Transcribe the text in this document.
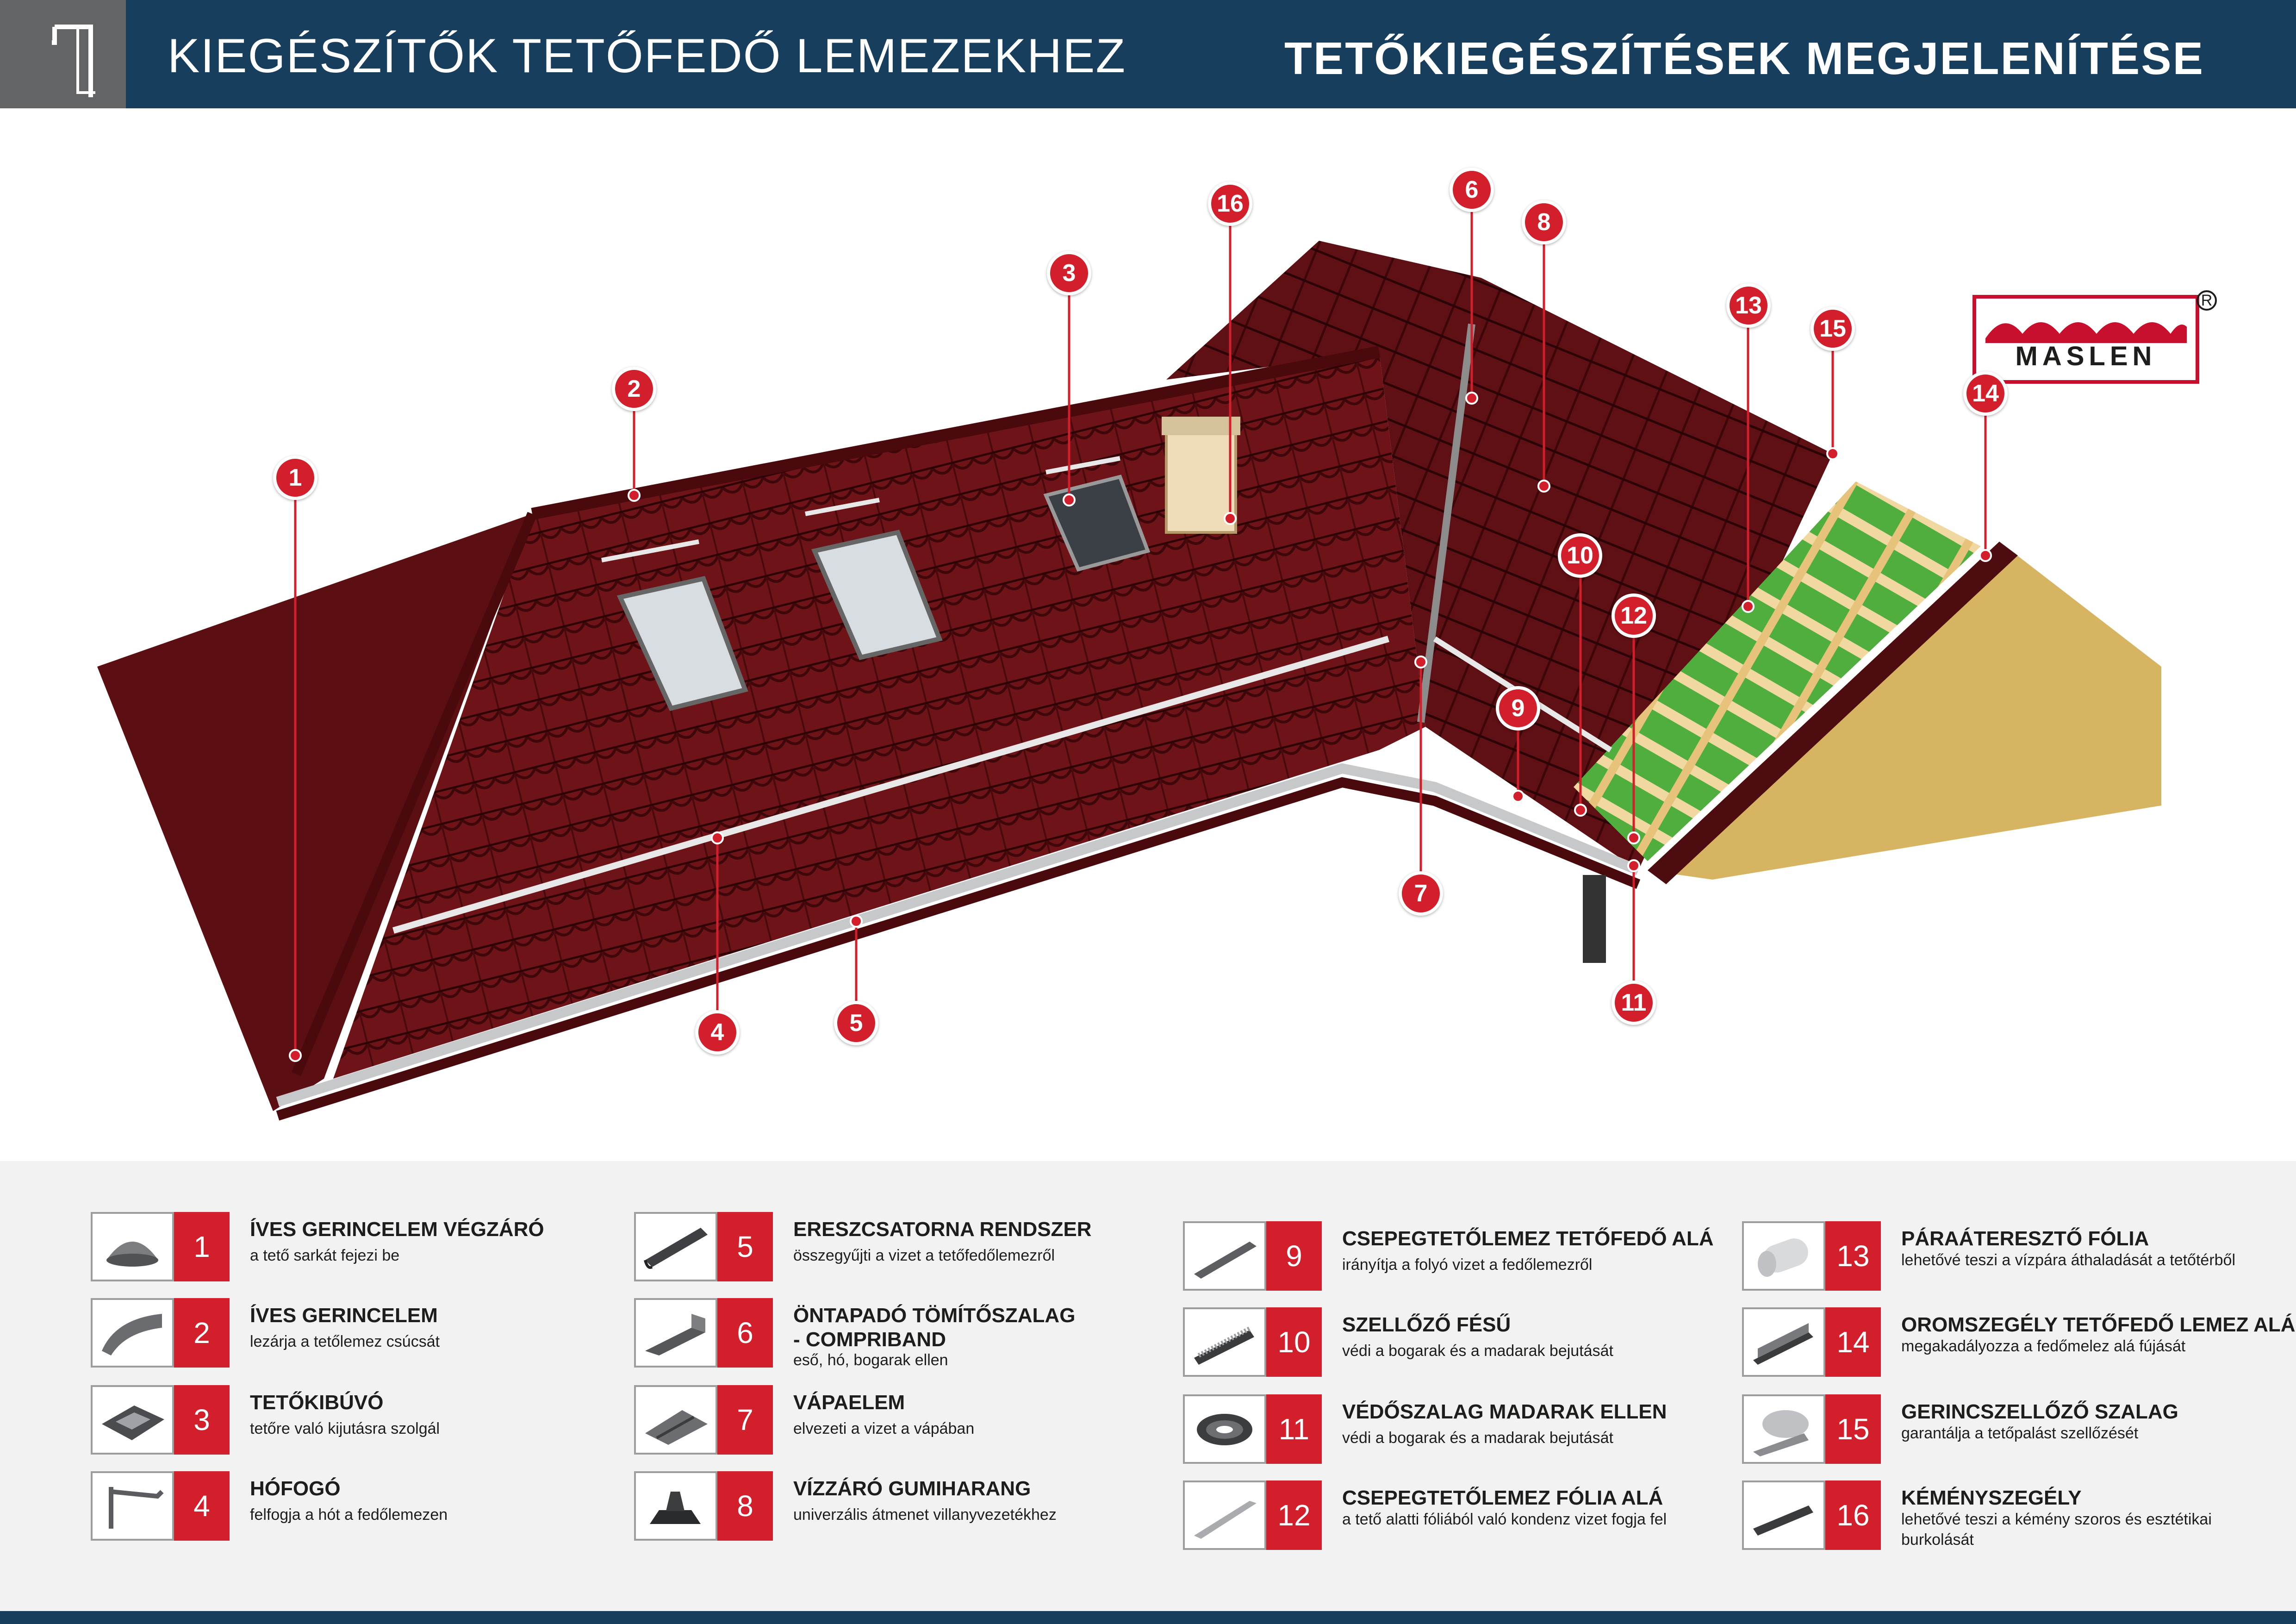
KIEGÉSZÍTŐK TETŐFEDŐ LEMEZEKHEZ	TETŐKIEGÉSZÍTÉSEK MEGJELENÍTÉSE
MASLEN
R
1
2
3
4	5
6
7
8
9
10
11
12
13
14
15
16
1
ÍVES GERINCELEM VÉGZÁRÓ
a tető sarkát fejezi be
2
ÍVES GERINCELEM
lezárja a tetőlemez csúcsát
3
TETŐKIBÚVÓ
tetőre való kijutásra szolgál
4
HÓFOGÓ
felfogja a hót a fedőlemezen
5
ERESZCSATORNA RENDSZER
összegyűjti a vizet a tetőfedőlemezről
6
ÖNTAPADÓ TÖMÍTŐSZALAG
- COMPRIBAND
eső, hó, bogarak ellen
7
VÁPAELEM
elvezeti a vizet a vápában
8
VÍZZÁRÓ GUMIHARANG
univerzális átmenet villanyvezetékhez
9
CSEPEGTETŐLEMEZ TETŐFEDŐ ALÁ
irányítja a folyó vizet a fedőlemezről
10
SZELLŐZŐ FÉSŰ
védi a bogarak és a madarak bejutását
11
VÉDŐSZALAG MADARAK ELLEN
védi a bogarak és a madarak bejutását
12
CSEPEGTETŐLEMEZ FÓLIA ALÁ
a tető alatti fóliából való kondenz vizet fogja fel
13
PÁRAÁTERESZTŐ FÓLIA
lehetővé teszi a vízpára áthaladását a tetőtérből
14
OROMSZEGÉLY TETŐFEDŐ LEMEZ ALÁ
megakadályozza a fedőmelez alá fújását
15
GERINCSZELLŐZŐ SZALAG
garantálja a tetőpalást szellőzését
16
KÉMÉNYSZEGÉLY
lehetővé teszi a kémény szoros és esztétikai burkolását
